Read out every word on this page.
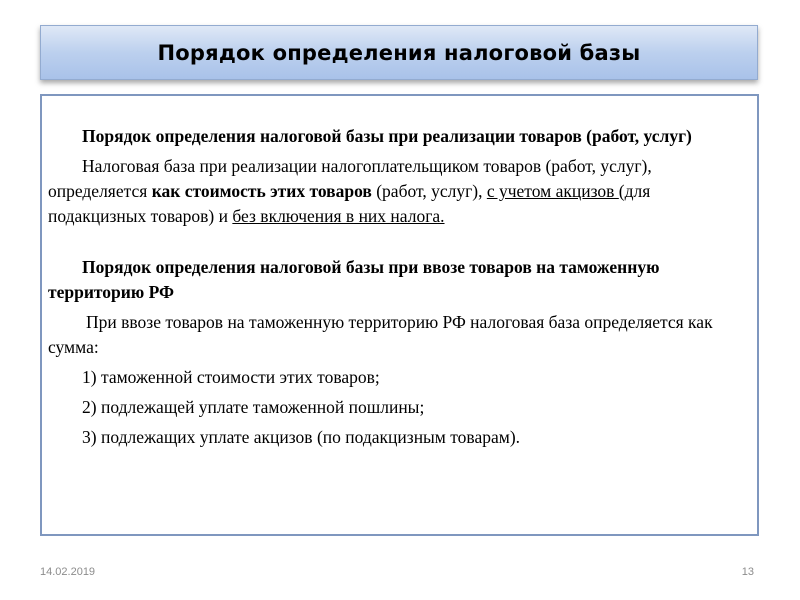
Порядок определения налоговой базы

Порядок определения налоговой базы при реализации товаров (работ, услуг)

Налоговая база при реализации налогоплательщиком товаров (работ, услуг), определяется как стоимость этих товаров (работ, услуг), с учетом акцизов (для подакцизных товаров) и без включения в них налога.

Порядок определения налоговой базы при ввозе товаров на таможенную территорию РФ

При ввозе товаров на таможенную территорию РФ налоговая база определяется как сумма:

1) таможенной стоимости этих товаров;

2) подлежащей уплате таможенной пошлины;

3) подлежащих уплате акцизов (по подакцизным товарам).

14.02.2019	13
